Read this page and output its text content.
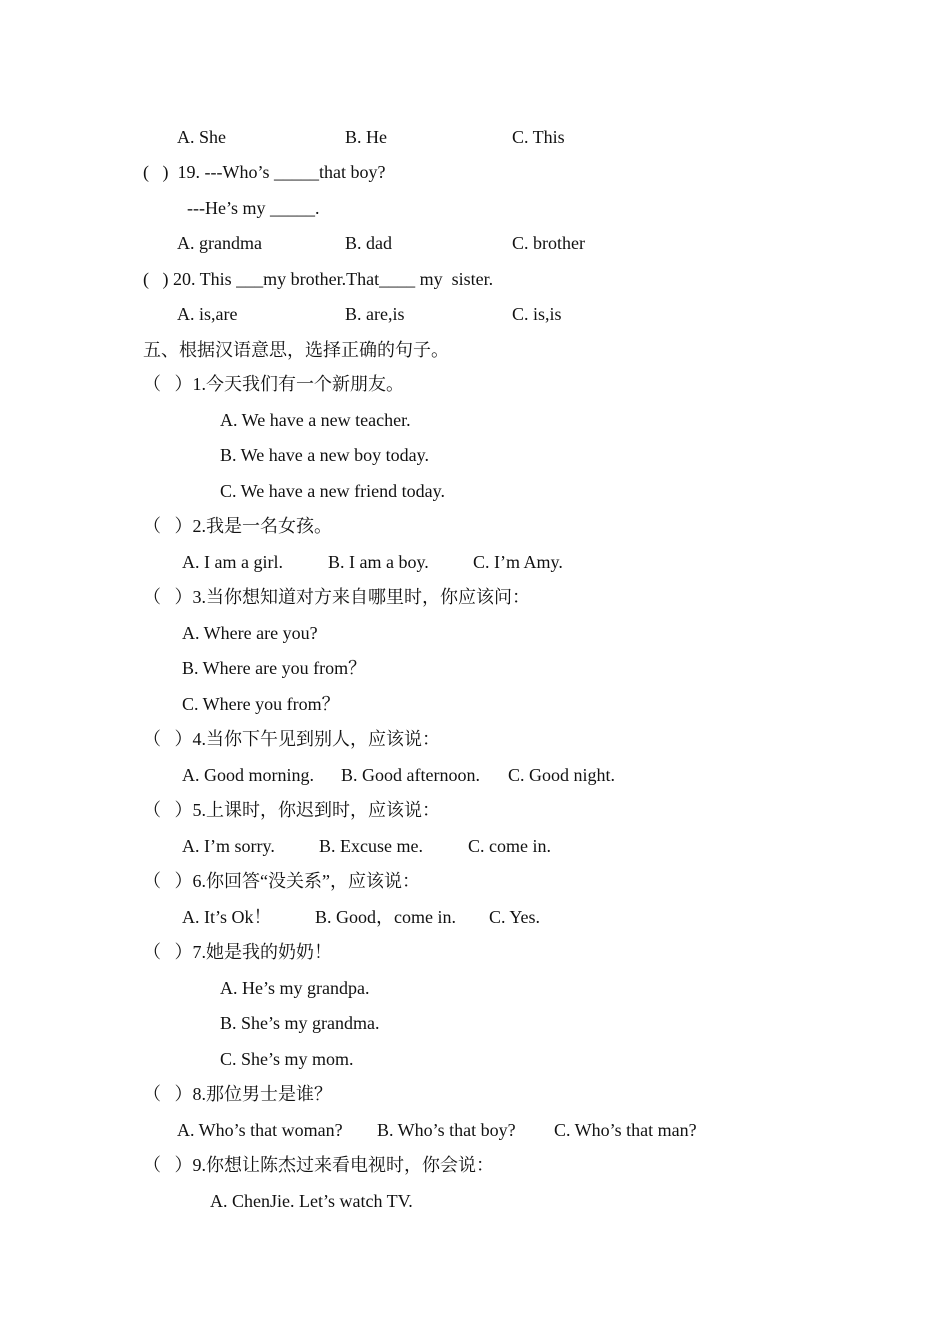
A. She

	B. He

	C. This

(   )  19. ---Who’s _____that boy?

---He’s my _____.

A. grandma

	B. dad

	C. brother

(   ) 20. This ___my brother.That____ my  sister.

A. is,are

	B. are,is

	C. is,is

五、根据汉语意思，选择正确的句子。

（   ）1.今天我们有一个新朋友。

A. We have a new teacher.

B. We have a new boy today.

C. We have a new friend today.

（   ）2.我是一名女孩。

A. I am a girl.

	B. I am a boy.

C. I’m Amy.

（   ）3.当你想知道对方来自哪里时，你应该问：

A. Where are you?

B. Where are you from？

C. Where you from？

（   ）4.当你下午见到别人，应该说：

A. Good morning.

B. Good afternoon.

C. Good night.

（   ）5.上课时，你迟到时，应该说：

A. I’m sorry.

B. Excuse me.

	C. come in.

（   ）6.你回答“没关系”，应该说：

A. It’s Ok！

B. Good，come in.

C. Yes.

（   ）7.她是我的奶奶！

A. He’s my grandpa.

B. She’s my grandma.

C. She’s my mom.

（   ）8.那位男士是谁？

A. Who’s that woman?

B. Who’s that boy?

C. Who’s that man?

（   ）9.你想让陈杰过来看电视时，你会说：

A. ChenJie. Let’s watch TV.
